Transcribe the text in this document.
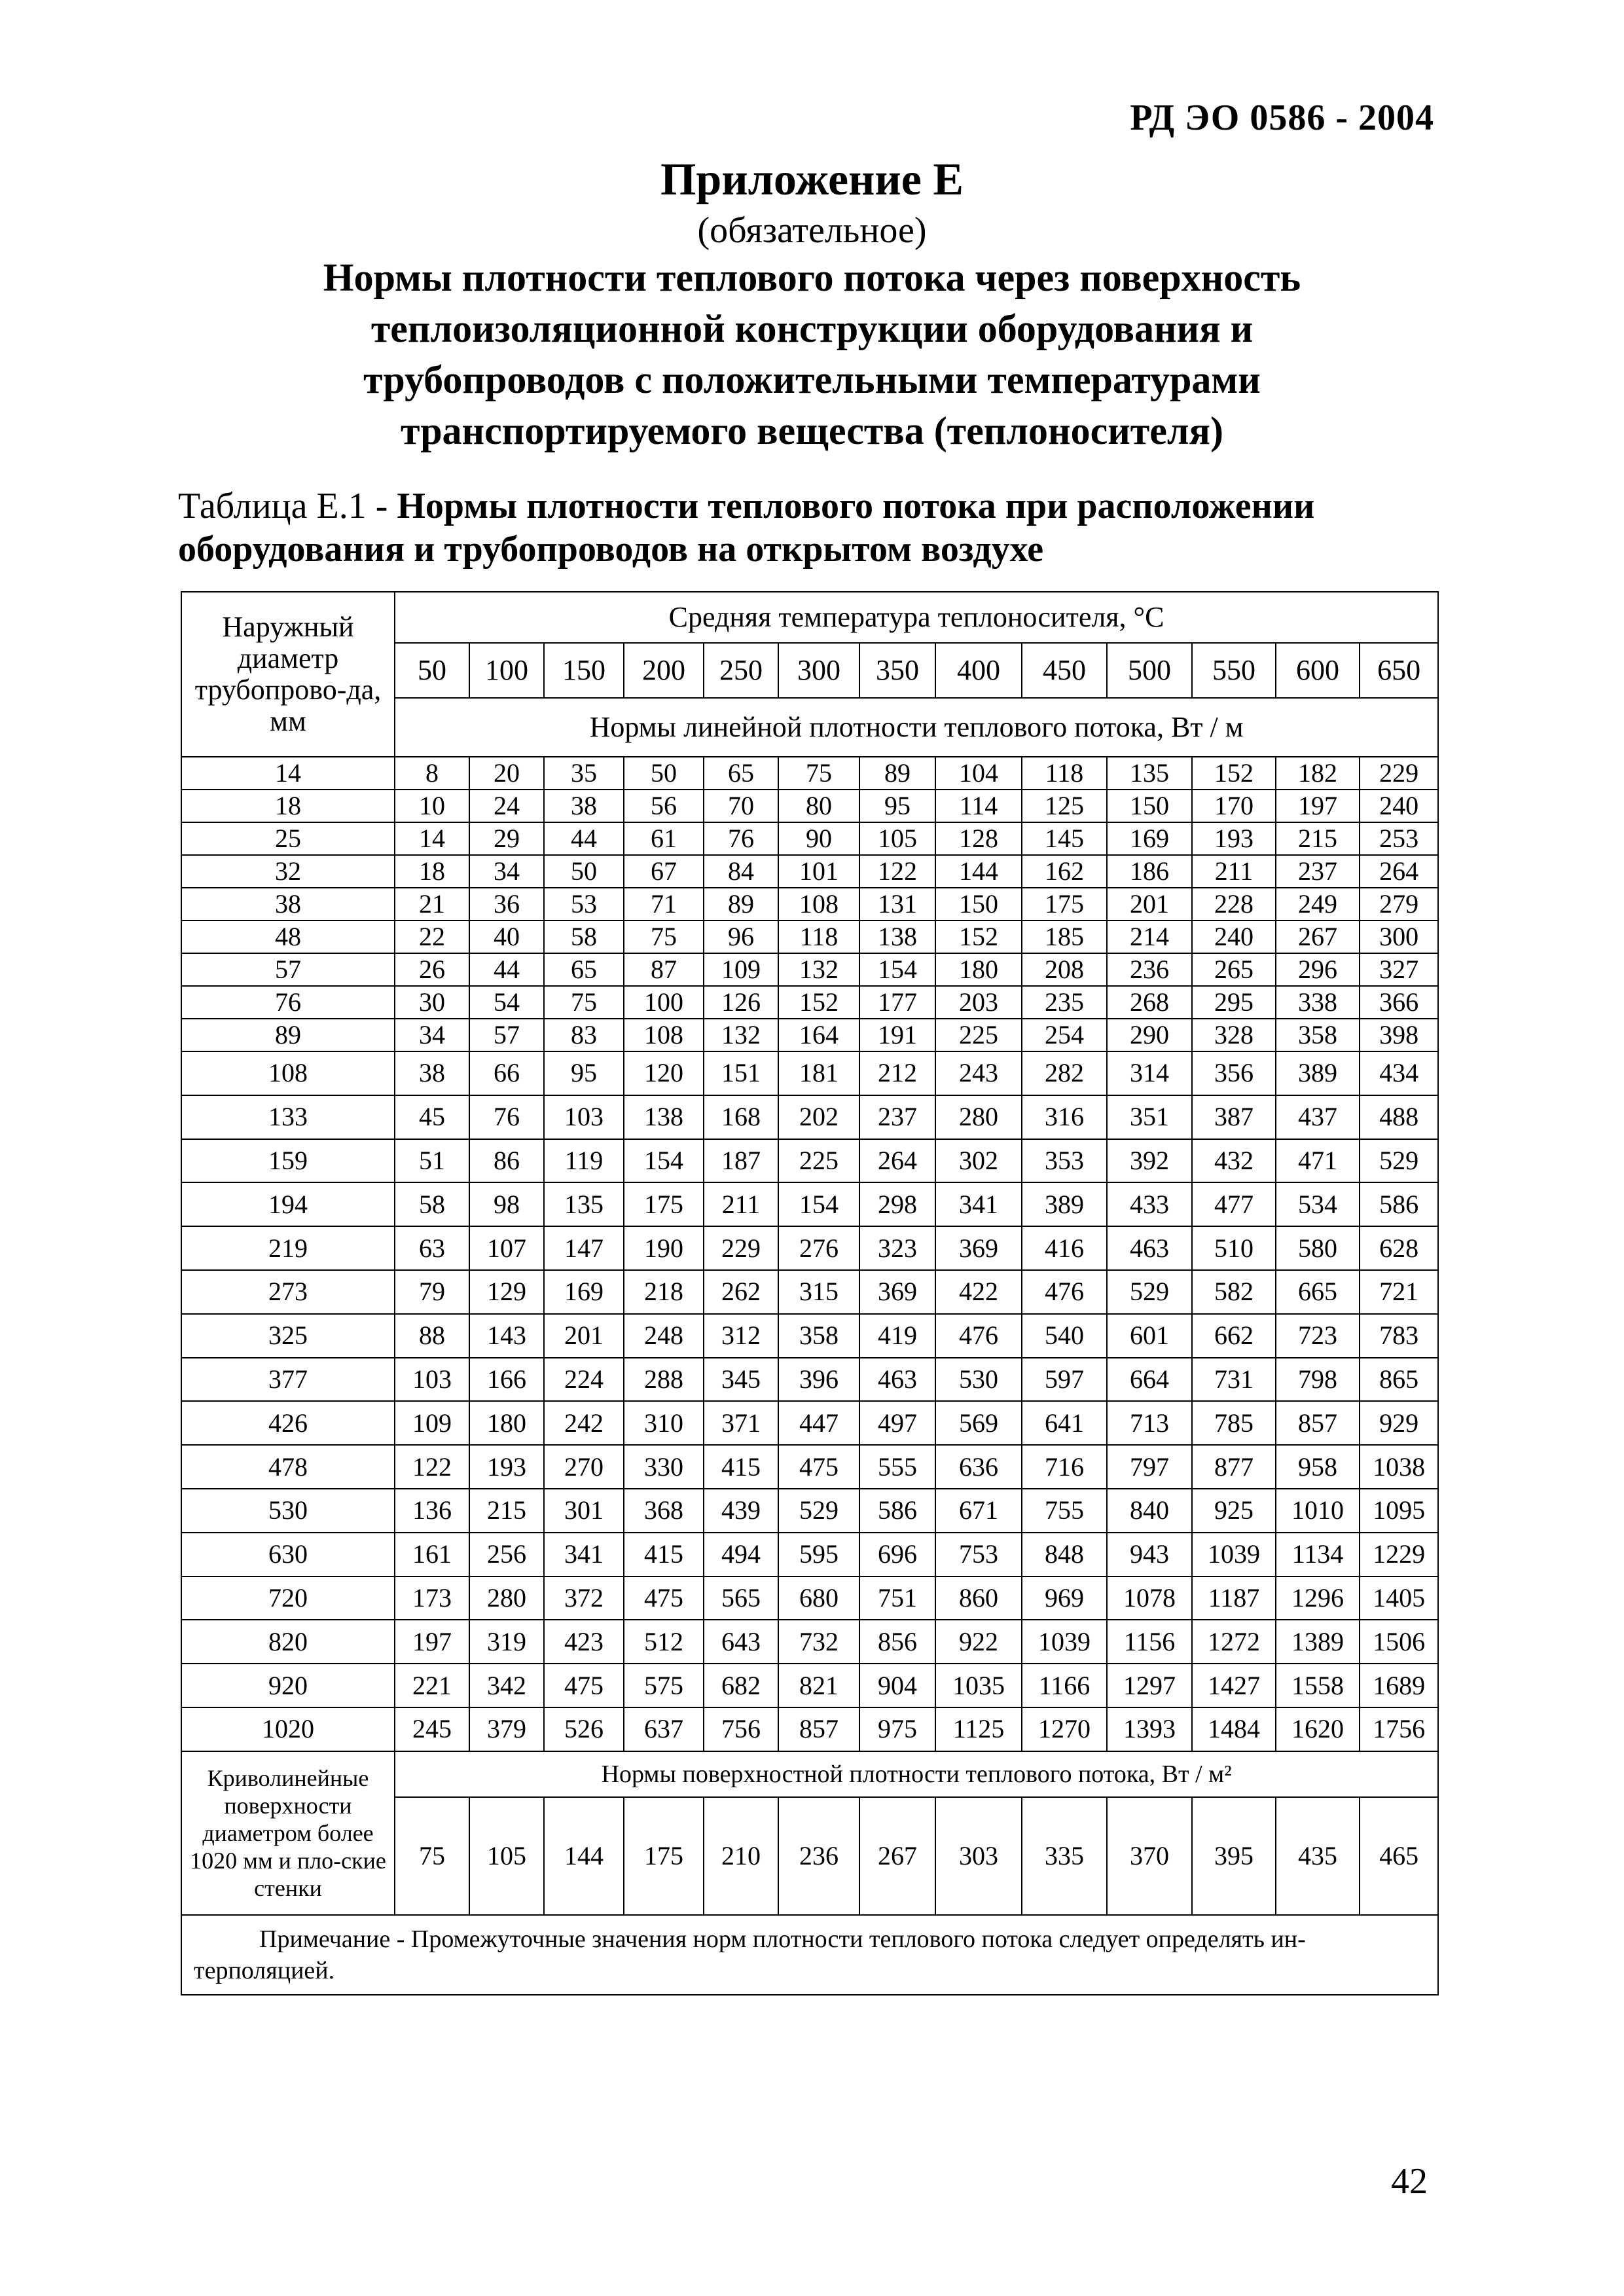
РД ЭО 0586 - 2004
Приложение Е
(обязательное)
Нормы плотности теплового потока через поверхность
теплоизоляционной конструкции оборудования и
трубопроводов с положительными температурами
транспортируемого вещества (теплоносителя)
Таблица Е.1 - Нормы плотности теплового потока при расположении
оборудования и трубопроводов на открытом воздухе
Наружный диаметр трубопрово-да, мм	Средняя температура теплоносителя, °С												
	50	100	150	200	250	300	350	400	450	500	550	600	650
	Нормы линейной плотности теплового потока, Вт / м												
14	8	20	35	50	65	75	89	104	118	135	152	182	229
18	10	24	38	56	70	80	95	114	125	150	170	197	240
25	14	29	44	61	76	90	105	128	145	169	193	215	253
32	18	34	50	67	84	101	122	144	162	186	211	237	264
38	21	36	53	71	89	108	131	150	175	201	228	249	279
48	22	40	58	75	96	118	138	152	185	214	240	267	300
57	26	44	65	87	109	132	154	180	208	236	265	296	327
76	30	54	75	100	126	152	177	203	235	268	295	338	366
89	34	57	83	108	132	164	191	225	254	290	328	358	398
108	38	66	95	120	151	181	212	243	282	314	356	389	434
133	45	76	103	138	168	202	237	280	316	351	387	437	488
159	51	86	119	154	187	225	264	302	353	392	432	471	529
194	58	98	135	175	211	154	298	341	389	433	477	534	586
219	63	107	147	190	229	276	323	369	416	463	510	580	628
273	79	129	169	218	262	315	369	422	476	529	582	665	721
325	88	143	201	248	312	358	419	476	540	601	662	723	783
377	103	166	224	288	345	396	463	530	597	664	731	798	865
426	109	180	242	310	371	447	497	569	641	713	785	857	929
478	122	193	270	330	415	475	555	636	716	797	877	958	1038
530	136	215	301	368	439	529	586	671	755	840	925	1010	1095
630	161	256	341	415	494	595	696	753	848	943	1039	1134	1229
720	173	280	372	475	565	680	751	860	969	1078	1187	1296	1405
820	197	319	423	512	643	732	856	922	1039	1156	1272	1389	1506
920	221	342	475	575	682	821	904	1035	1166	1297	1427	1558	1689
1020	245	379	526	637	756	857	975	1125	1270	1393	1484	1620	1756
Криволинейные поверхности диаметром более 1020 мм и пло-ские стенки	Нормы поверхностной плотности теплового потока, Вт / м²												
	75	105	144	175	210	236	267	303	335	370	395	435	465
Примечание - Промежуточные значения норм плотности теплового потока следует определять ин-терполяцией.													
42
